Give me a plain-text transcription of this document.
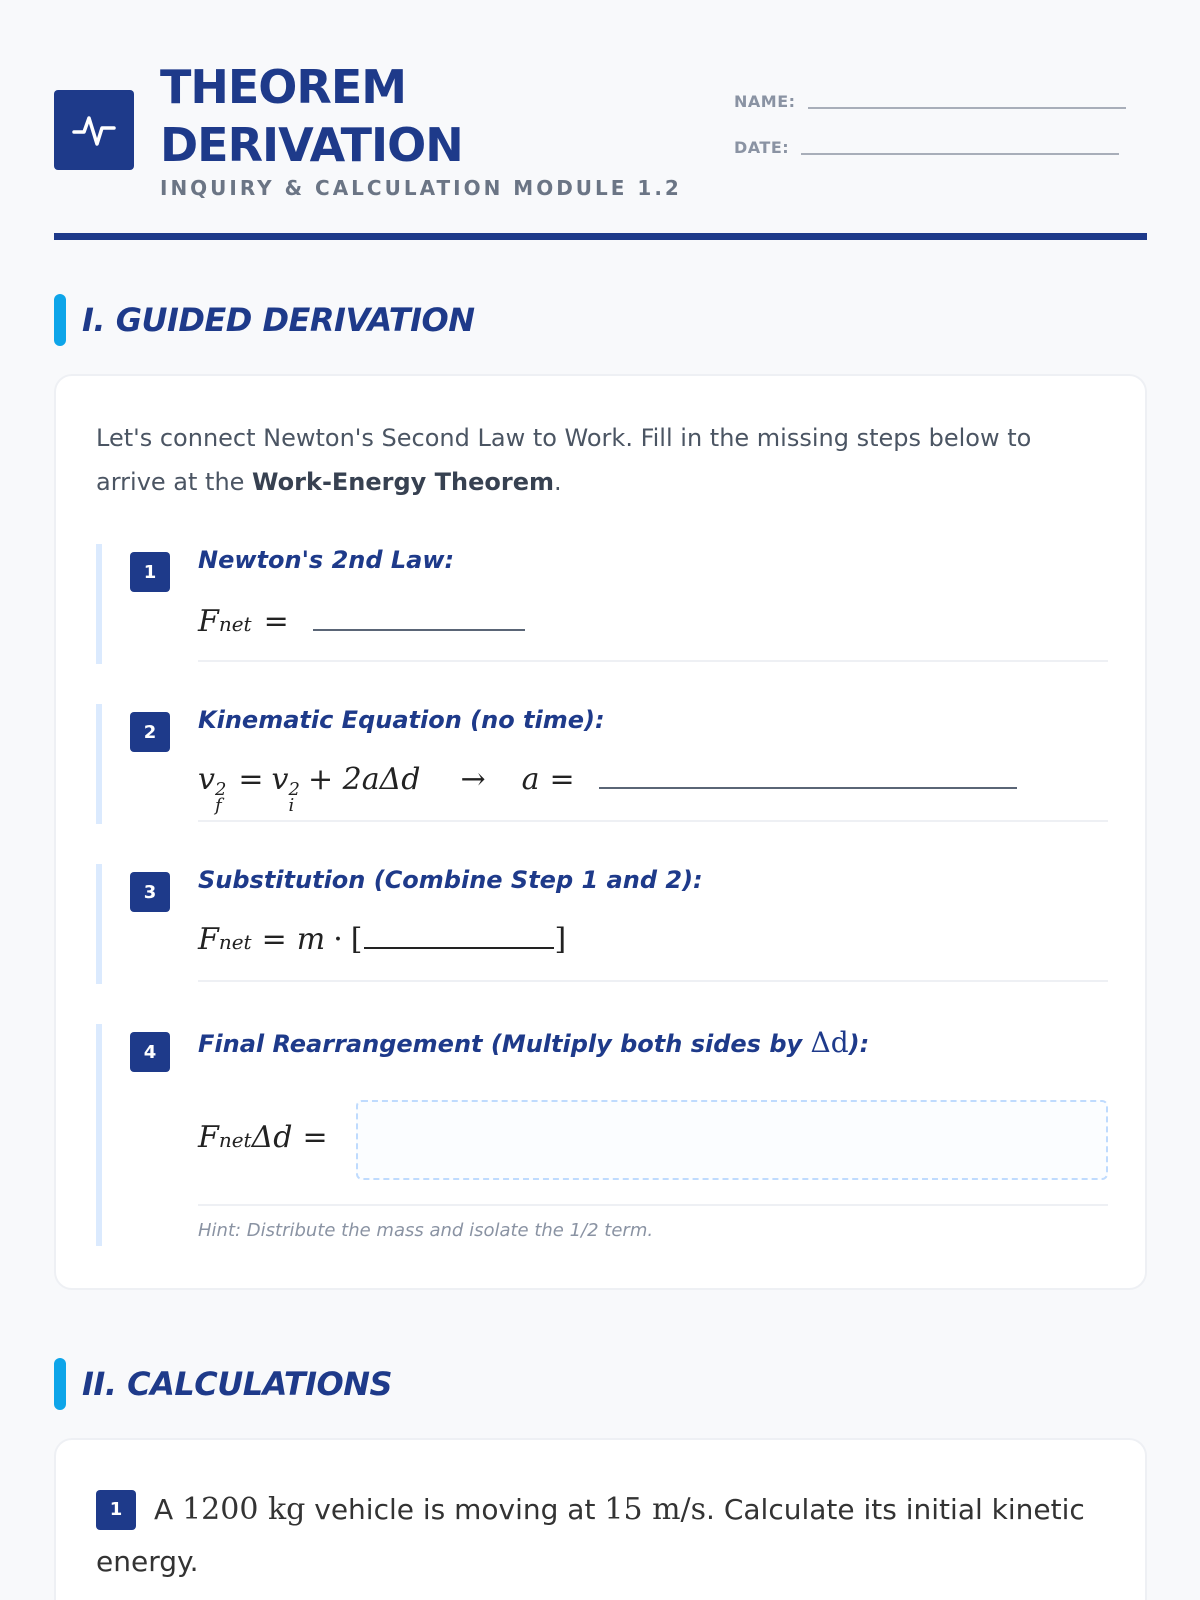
THEOREM
DERIVATION
INQUIRY & CALCULATION MODULE 1.2
NAME:
DATE:
I. GUIDED DERIVATION
Let's connect Newton's Second Law to Work. Fill in the missing steps below to arrive at the Work-Energy Theorem.
1	Newton's 2nd Law:
F net =
2	Kinematic Equation (no time):
v 2
f
= v 2
i
+ 2aΔd → a =
3	Substitution (Combine Step 1 and 2):
F net = m · [	]
4	Final Rearrangement (Multiply both sides by Δd):
F net Δd =
Hint: Distribute the mass and isolate the 1/2 term.
II. CALCULATIONS
1 A 1200 kg vehicle is moving at 15 m/s. Calculate its initial kinetic energy.
